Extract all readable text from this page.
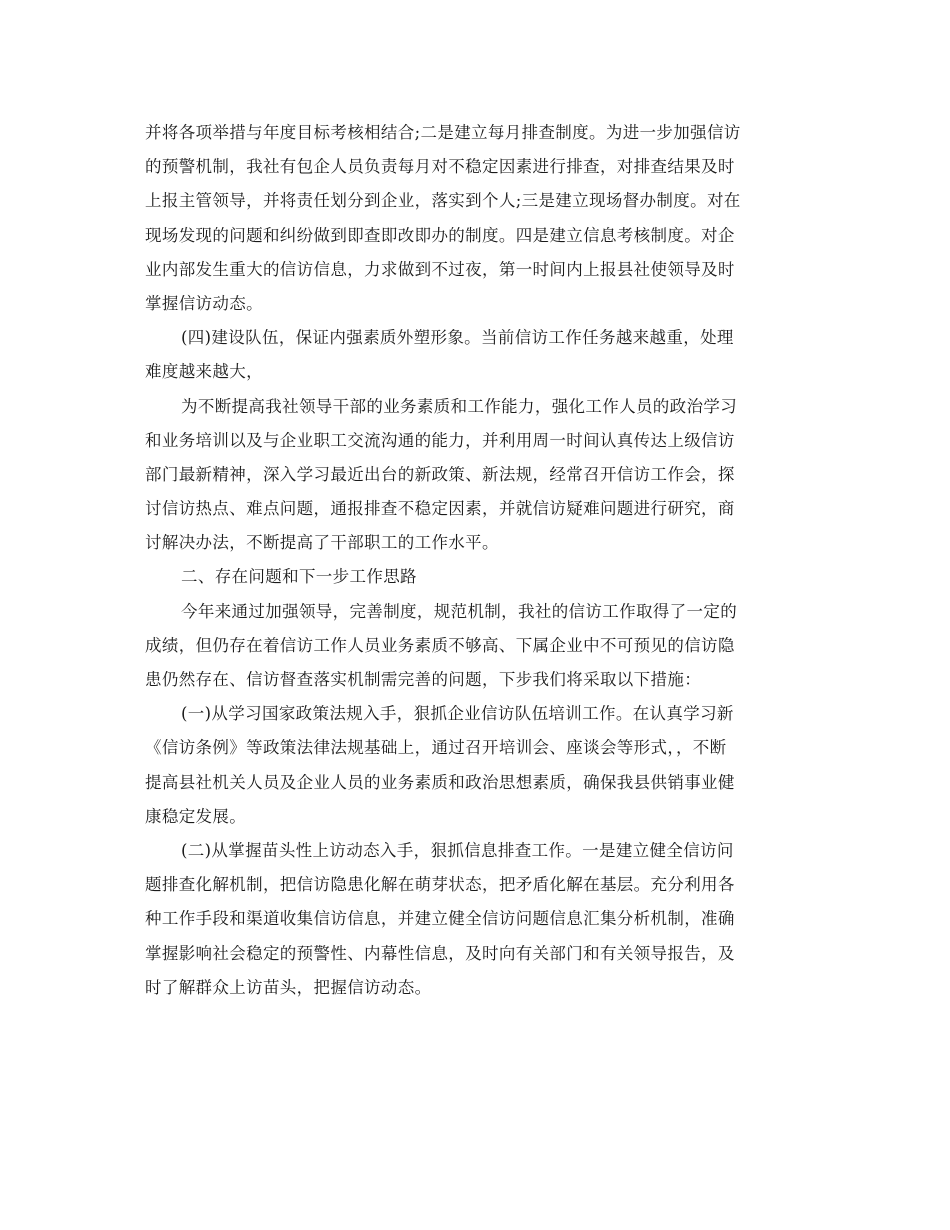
并将各项举措与年度目标考核相结合;二是建立每月排查制度。为进一步加强信访
的预警机制，我社有包企人员负责每月对不稳定因素进行排查，对排查结果及时
上报主管领导，并将责任划分到企业，落实到个人;三是建立现场督办制度。对在
现场发现的问题和纠纷做到即查即改即办的制度。四是建立信息考核制度。对企
业内部发生重大的信访信息，力求做到不过夜，第一时间内上报县社使领导及时
掌握信访动态。
(四)建设队伍，保证内强素质外塑形象。当前信访工作任务越来越重，处理
难度越来越大，
为不断提高我社领导干部的业务素质和工作能力，强化工作人员的政治学习
和业务培训以及与企业职工交流沟通的能力，并利用周一时间认真传达上级信访
部门最新精神，深入学习最近出台的新政策、新法规，经常召开信访工作会，探
讨信访热点、难点问题，通报排查不稳定因素，并就信访疑难问题进行研究，商
讨解决办法，不断提高了干部职工的工作水平。
二、存在问题和下一步工作思路
今年来通过加强领导，完善制度，规范机制，我社的信访工作取得了一定的
成绩，但仍存在着信访工作人员业务素质不够高、下属企业中不可预见的信访隐
患仍然存在、信访督查落实机制需完善的问题，下步我们将采取以下措施：
(一)从学习国家政策法规入手，狠抓企业信访队伍培训工作。在认真学习新
《信访条例》等政策法律法规基础上，通过召开培训会、座谈会等形式，，不断
提高县社机关人员及企业人员的业务素质和政治思想素质，确保我县供销事业健
康稳定发展。
(二)从掌握苗头性上访动态入手，狠抓信息排查工作。一是建立健全信访问
题排查化解机制，把信访隐患化解在萌芽状态，把矛盾化解在基层。充分利用各
种工作手段和渠道收集信访信息，并建立健全信访问题信息汇集分析机制，准确
掌握影响社会稳定的预警性、内幕性信息，及时向有关部门和有关领导报告，及
时了解群众上访苗头，把握信访动态。
